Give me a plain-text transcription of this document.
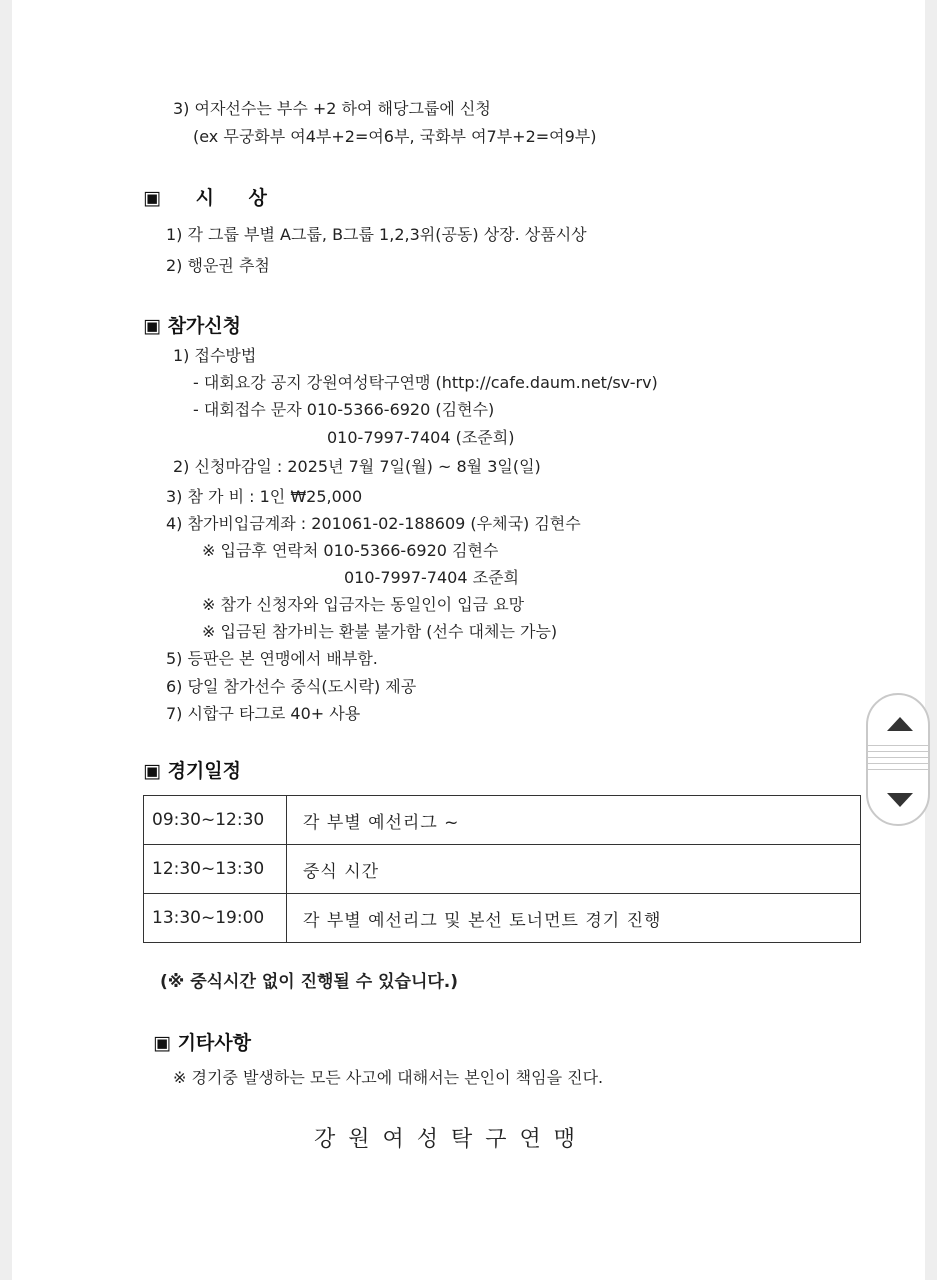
3) 여자선수는 부수 +2 하여 해당그룹에 신청
(ex 무궁화부 여4부+2=여6부, 국화부 여7부+2=여9부)
▣ 시 상
1) 각 그룹 부별 A그룹, B그룹 1,2,3위(공동) 상장. 상품시상
2) 행운권 추첨
▣ 참가신청
1) 접수방법
- 대회요강 공지 강원여성탁구연맹 (http://cafe.daum.net/sv-rv)
- 대회접수 문자 010-5366-6920 (김현수)
010-7997-7404 (조준희)
2) 신청마감일 : 2025년 7월 7일(월) ~ 8월 3일(일)
3) 참 가 비 : 1인 ₩25,000
4) 참가비입금계좌 : 201061-02-188609 (우체국) 김현수
※ 입금후 연락처 010-5366-6920 김현수
010-7997-7404 조준희
※ 참가 신청자와 입금자는 동일인이 입금 요망
※ 입금된 참가비는 환불 불가함 (선수 대체는 가능)
5) 등판은 본 연맹에서 배부함.
6) 당일 참가선수 중식(도시락) 제공
7) 시합구 타그로 40+ 사용
▣ 경기일정
09:30~12:30	각 부별 예선리그 ~
12:30~13:30	중식 시간
13:30~19:00	각 부별 예선리그 및 본선 토너먼트 경기 진행
(※ 중식시간 없이 진행될 수 있습니다.)
▣ 기타사항
※ 경기중 발생하는 모든 사고에 대해서는 본인이 책임을 진다.
강원여성탁구연맹
